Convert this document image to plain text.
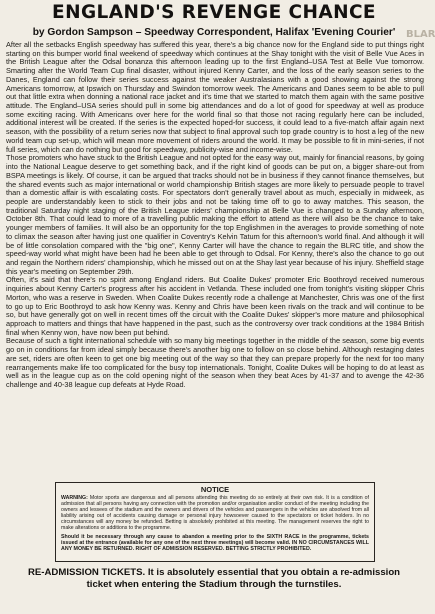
BLAR
ENGLAND'S REVENGE CHANCE
by Gordon Sampson – Speedway Correspondent, Halifax 'Evening Courier'

After all the setbacks English speedway has suffered this year, there's a big chance now for the England side to put things right starting on this bumper world final weekend of speedway which continues at the Shay tonight with the visit of Belle Vue Aces in the British League after the Odsal bonanza this afternoon leading up to the first England–USA Test at Belle Vue tomorrow. Smarting after the World Team Cup final disaster, without injured Kenny Carter, and the loss of the early season series to the Danes, England can follow their series success against the weaker Australasians with a good showing against the strong Americans tomorrow, at Ipswich on Thursday and Swindon tomorrow week. The Americans and Danes seem to be able to pull out that little extra when donning a national race jacket and it's time that we started to match them again with the same positive attitude. The England–USA series should pull in some big attendances and do a lot of good for speedway at well as produce some exciting racing. With Americans over here for the world final so that those not racing regularly here can be included, additional interest will be created. If the series is the expected hoped-for success, it could lead to a five-match affair again next season, with the possibility of a return series now that subject to final approval such top grade country is to host a leg of the new world team cup set-up, which will mean more movement of riders around the world. It may be possible to fit in mini-series, if not full series, which can do nothing but good for speedway, publicity-wise and income-wise.

Those promoters who have stuck to the British League and not opted for the easy way out, mainly for financial reasons, by going into the National League deserve to get something back, and if the right kind of goods can be put on, a bigger share-out from BSPA meetings is likely. Of course, it can be argued that tracks should not be in business if they cannot finance themselves, but the shared events such as major international or world championship British stages are more likely to persuade people to travel than a domestic affair is with escalating costs. For spectators don't generally travel about as much, especially in midweek, as people are understandably keen to stick to their jobs and not be taking time off to go to away matches. This season, the traditional Saturday night staging of the British League riders' championship at Belle Vue is changed to a Sunday afternoon, October 8th. That could lead to more of a travelling public making the effort to attend as there will also be the chance to take younger members of families. It will also be an opportunity for the top Englishmen in the averages to provide something of note to climax the season after having just one qualifier in Coventry's Kelvin Tatum for this afternoon's world final. And although it will be of little consolation compared with the "big one", Kenny Carter will have the chance to regain the BLRC title, and show the speed-way world what might have been had he been able to get through to Odsal. For Kenny, there's also the chance to go out and regain the Northern riders' championship, which he missed out on at the Shay last year because of his injury. Sheffield stage this year's meeting on September 29th.

Often, it's said that there's no spirit among England riders. But Coalite Dukes' promoter Eric Boothroyd received numerous inquiries about Kenny Carter's progress after his accident in Vetlanda. These included one from tonight's visiting skipper Chris Morton, who was a reserve in Sweden. When Coalite Dukes recently rode a challenge at Manchester, Chris was one of the first to go up to Eric Boothroyd to ask how Kenny was. Kenny and Chris have been keen rivals on the track and will continue to be so, but have generally got on well in recent times off the circuit with the Coalite Dukes' skipper's more mature and philosophical approach to matters and things that have happened in the past, such as the controversy over track conditions at the 1984 British final when Kenny won, have now been put behind.

Because of such a tight international schedule with so many big meetings together in the middle of the season, some big events go on in conditions far from ideal simply because there's another big one to follow on so close behind. Although restaging dates are set, riders are often keen to get one big meeting out of the way so that they can prepare properly for the next for too many rearrangements make life too complicated for the busy top internationals. Tonight, Coalite Dukes will be hoping to do at least as well as in the league cup as on the cold opening night of the season when they beat Aces by 41-37 and to avenge the 42-36 challenge and 40-38 league cup defeats at Hyde Road.

NOTICE
WARNING: Motor sports are dangerous and all persons attending this meeting do so entirely at their own risk. It is a condition of admission that all persons having any connection with the promotion and/or organisation and/or conduct of the meeting including the owners and lessees of the stadium and the owners and drivers of the vehicles and passengers in the vehicles are absolved from all liability arising out of accidents causing damage or personal injury howsoever caused to the spectators or ticket holders. In no circumstances will any money be refunded. Betting is absolutely prohibited at this meeting. The management reserves the right to make alterations or additions to the programme.
Should it be necessary through any cause to abandon a meeting prior to the SIXTH RACE in the programme, tickets issued at the entrance (available for any one of the next three meetings) will become valid. IN NO CIRCUMSTANCES WILL ANY MONEY BE RETURNED. RIGHT OF ADMISSION RESERVED. BETTING STRICTLY PROHIBITED.
RE-ADMISSION TICKETS. It is absolutely essential that you obtain a re-admission
ticket when entering the Stadium through the turnstiles.
